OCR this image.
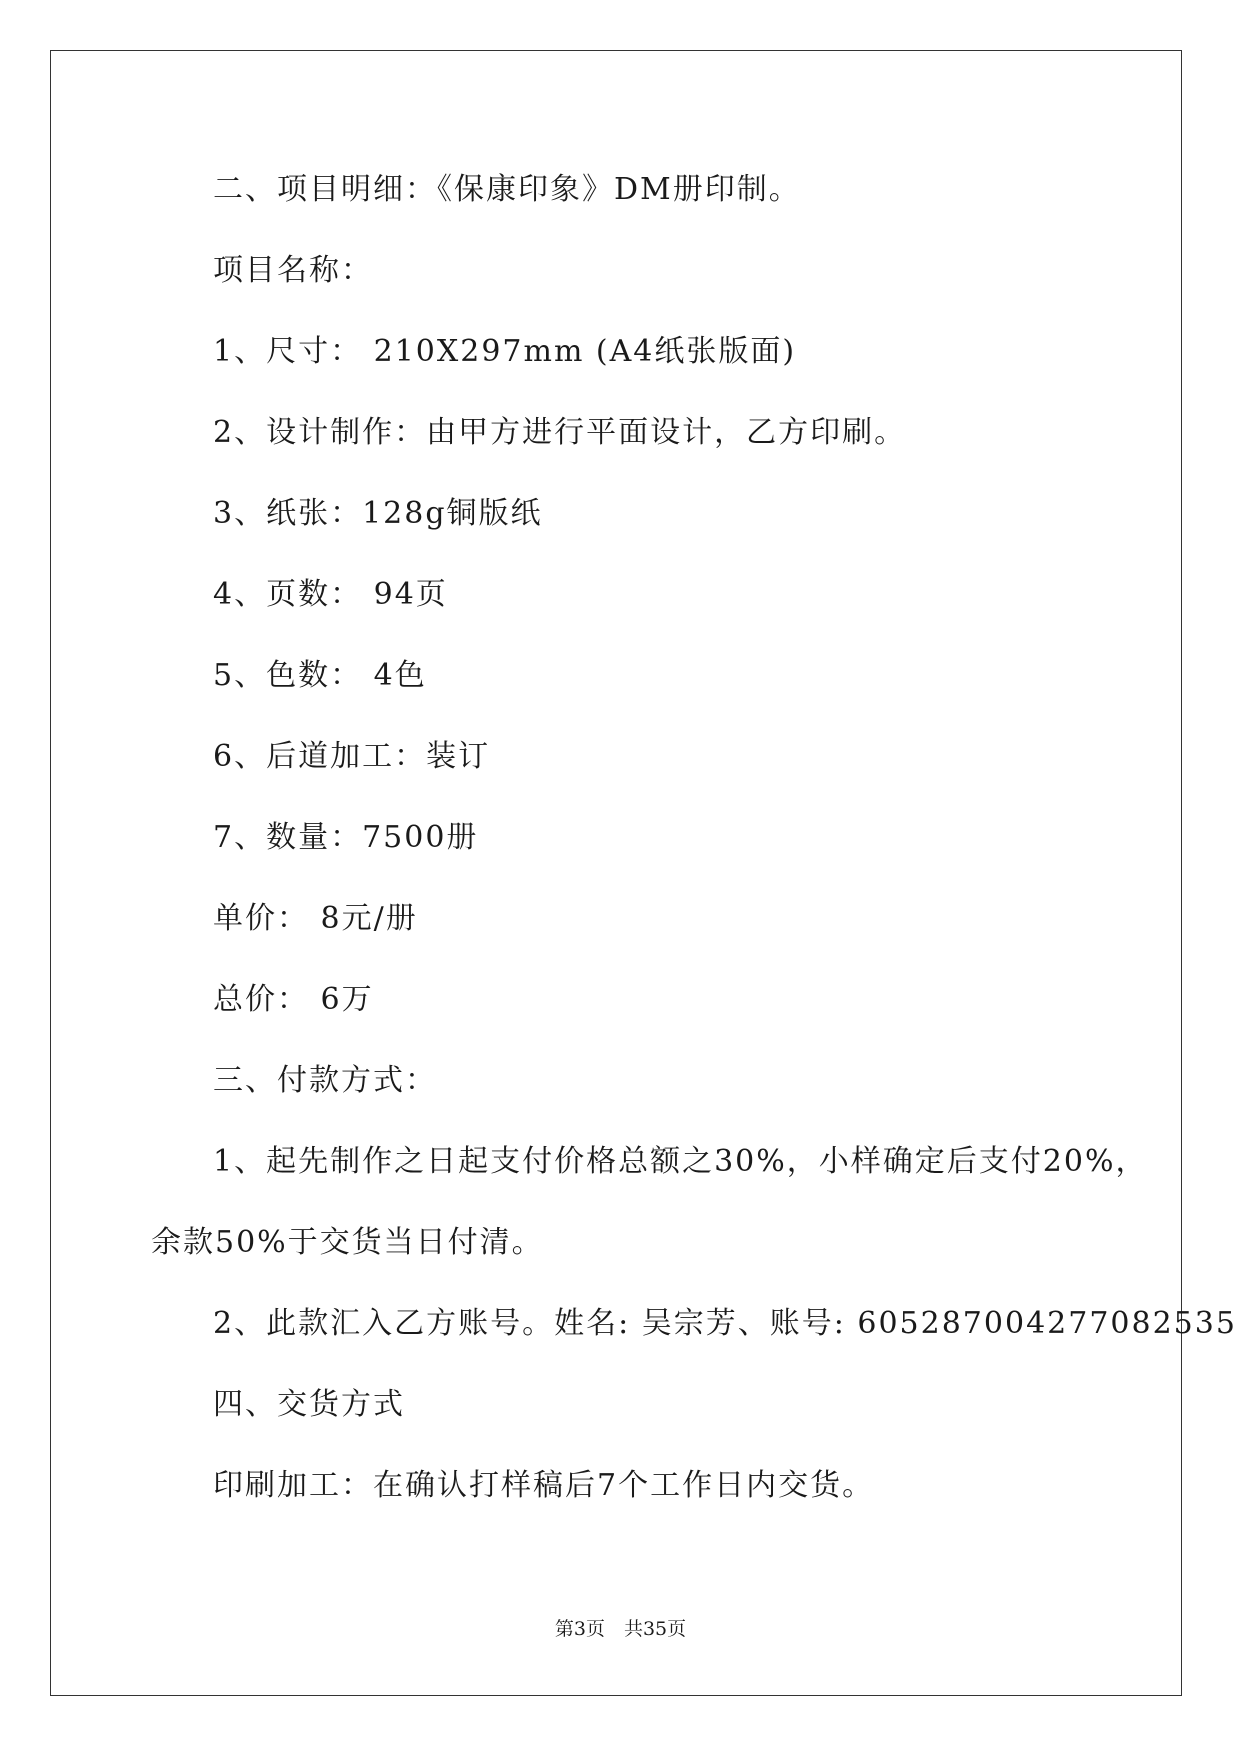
二、项目明细：《保康印象》DM册印制。
项目名称：
1、尺寸： 210X297mm (A4纸张版面)
2、设计制作：由甲方进行平面设计，乙方印刷。
3、纸张：128g铜版纸
4、页数： 94页
5、色数： 4色
6、后道加工：装订
7、数量：7500册
单价： 8元/册
总价： 6万
三、付款方式：
1、起先制作之日起支付价格总额之30%，小样确定后支付20%，
余款50%于交货当日付清。
2、此款汇入乙方账号。姓名: 吴宗芳、账号: 605287004277082535
四、交货方式
印刷加工：在确认打样稿后7个工作日内交货。
第3页　共35页
